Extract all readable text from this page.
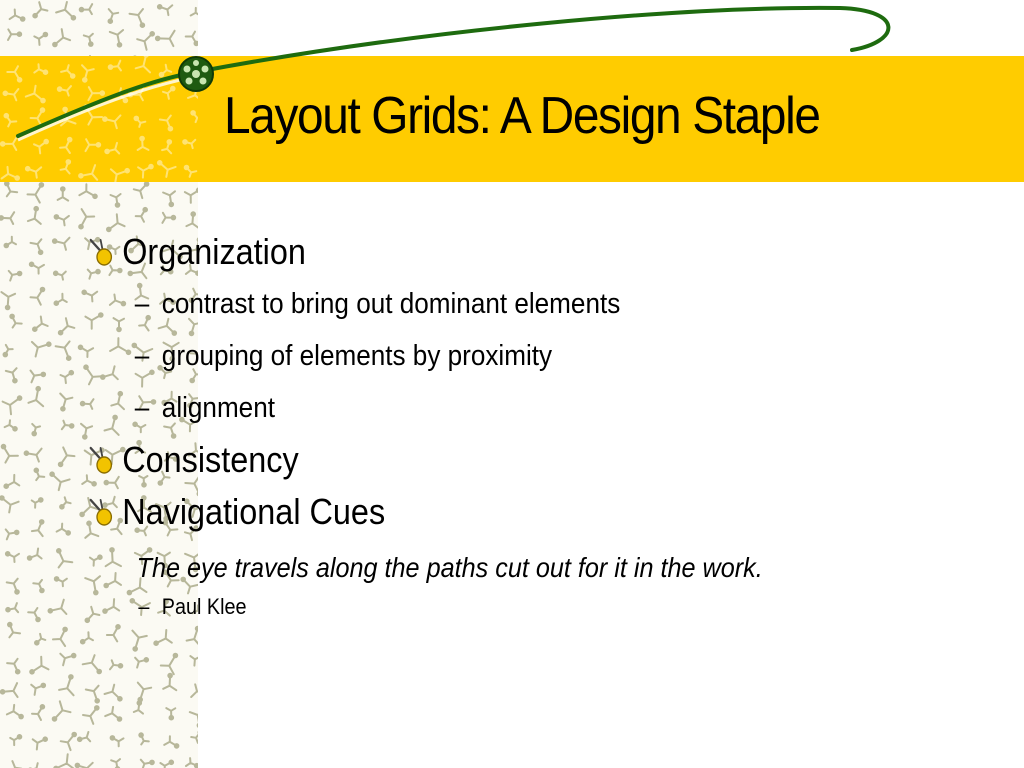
Layout Grids: A Design Staple
Organization
– contrast to bring out dominant elements
– grouping of elements by proximity
– alignment
Consistency
Navigational Cues
The eye travels along the paths cut out for it in the work.
– Paul Klee
